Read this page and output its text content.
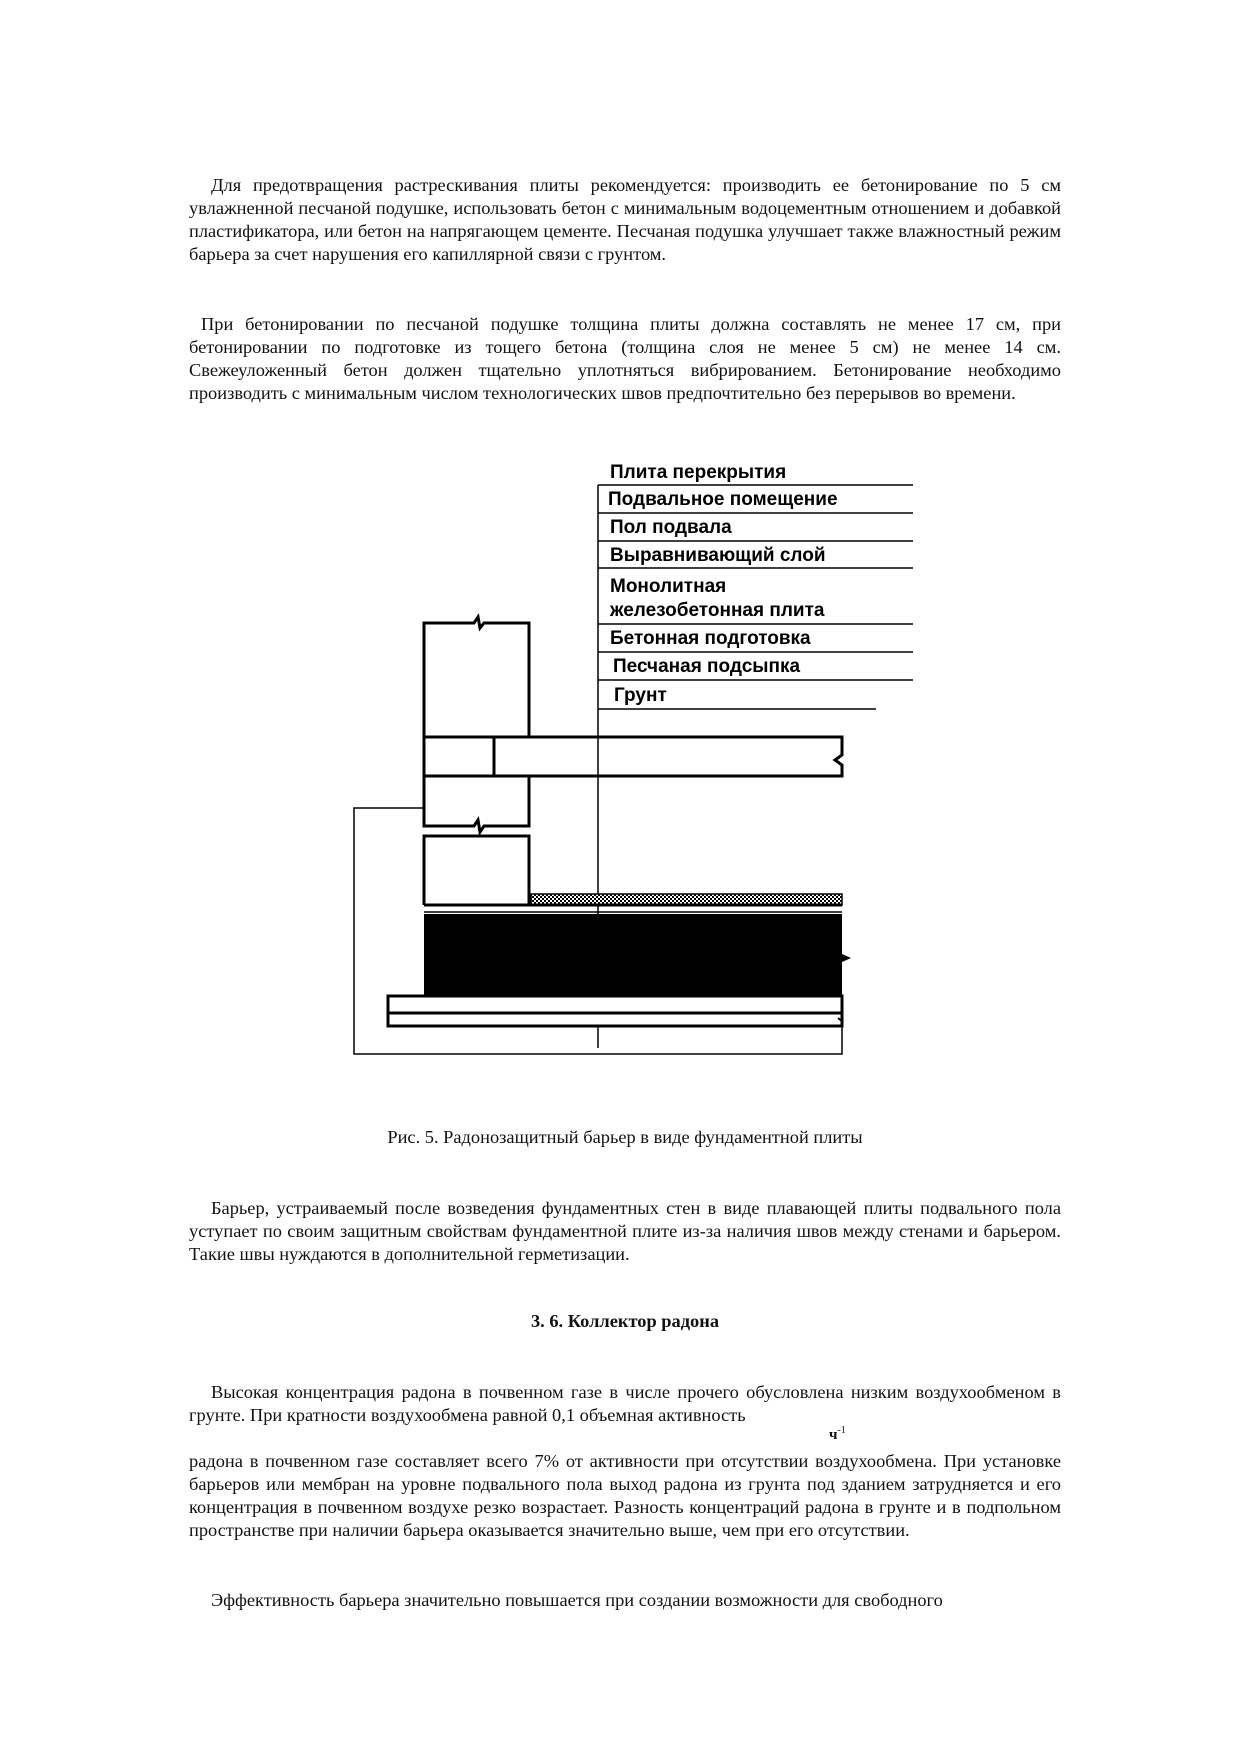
Для предотвращения растрескивания плиты рекомендуется: производить ее бетонирование по 5 см увлажненной песчаной подушке, использовать бетон с минимальным водоцементным отношением и добавкой пластификатора, или бетон на напрягающем цементе. Песчаная подушка улучшает также влажностный режим барьера за счет нарушения его капиллярной связи с грунтом.

При бетонировании по песчаной подушке толщина плиты должна составлять не менее 17 см, при бетонировании по подготовке из тощего бетона (толщина слоя не менее 5 см) не менее 14 см. Свежеуложенный бетон должен тщательно уплотняться вибрированием. Бетонирование необходимо производить с минимальным числом технологических швов предпочтительно без перерывов во времени.

Плита перекрытия
Подвальное помещение
Пол подвала
Выравнивающий слой
Монолитная
железобетонная плита
Бетонная подготовка
Песчаная подсыпка
Грунт

Рис. 5. Радонозащитный барьер в виде фундаментной плиты

Барьер, устраиваемый после возведения фундаментных стен в виде плавающей плиты подвального пола уступает по своим защитным свойствам фундаментной плите из-за наличия швов между стенами и барьером. Такие швы нуждаются в дополнительной герметизации.

3. 6. Коллектор радона

Высокая концентрация радона в почвенном газе в числе прочего обусловлена низким воздухообменом в грунте. При кратности воздухообмена равной 0,1 объемная активность

$ч^{-1}$

радона в почвенном газе составляет всего 7% от активности при отсутствии воздухообмена. При установке барьеров или мембран на уровне подвального пола выход радона из грунта под зданием затрудняется и его концентрация в почвенном воздухе резко возрастает. Разность концентраций радона в грунте и в подпольном пространстве при наличии барьера оказывается значительно выше, чем при его отсутствии.

Эффективность барьера значительно повышается при создании возможности для свободного
